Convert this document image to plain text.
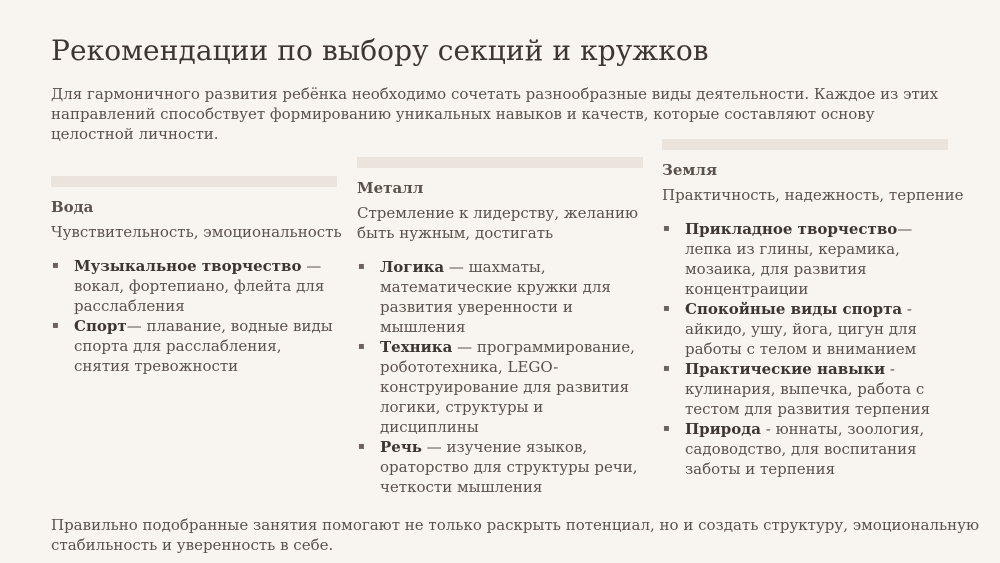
Рекомендации по выбору секций и кружков
Для гармоничного развития ребёнка необходимо сочетать разнообразные виды деятельности. Каждое из этих направлений способствует формированию уникальных навыков и качеств, которые составляют основу целостной личности.
Вода
Чувствительность, эмоциональность
▪ Музыкальное творчество — вокал, фортепиано, флейта для расслабления
▪ Спорт— плавание, водные виды спорта для расслабления, снятия тревожности
Металл
Стремление к лидерству, желанию быть нужным, достигать
▪ Логика — шахматы, математические кружки для развития уверенности и мышления
▪ Техника — программирование, робототехника, LEGO-конструирование для развития логики, структуры и дисциплины
▪ Речь — изучение языков, ораторство для структуры речи, четкости мышления
Земля
Практичность, надежность, терпение
▪ Прикладное творчество— лепка из глины, керамика, мозаика, для развития концентраиции
▪ Спокойные виды спорта - айкидо, ушу, йога, цигун для работы с телом и вниманием
▪ Практические навыки - кулинария, выпечка, работа с тестом для развития терпения
▪ Природа - юннаты, зоология, садоводство, для воспитания заботы и терпения
Правильно подобранные занятия помогают не только раскрыть потенциал, но и создать структуру, эмоциональную стабильность и уверенность в себе.
